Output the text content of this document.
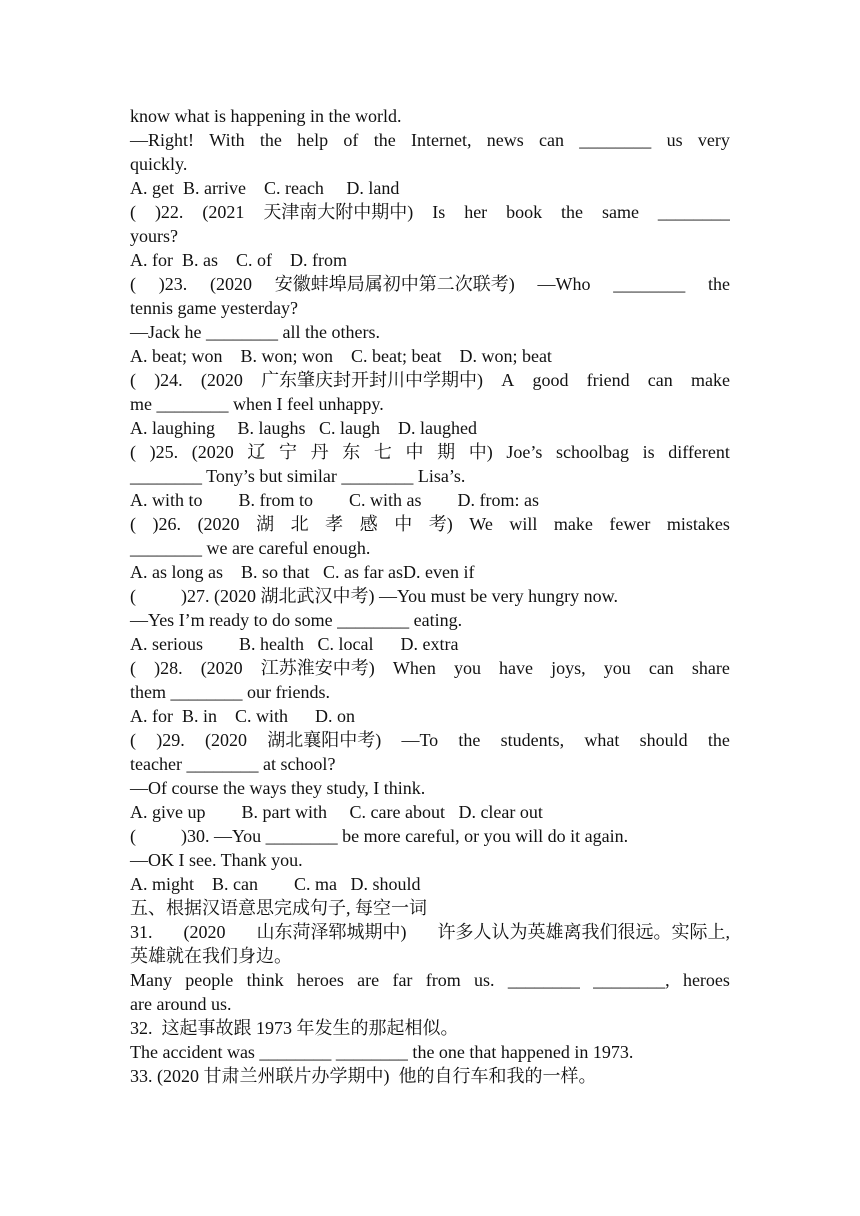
know what is happening in the world.
—Right! With the help of the Internet, news can ________ us very
quickly.
A. get  B. arrive    C. reach     D. land
( )22. (2021 天津南大附中期中) Is her book the same ________
yours?
A. for  B. as    C. of    D. from
( )23. (2020 安徽蚌埠局属初中第二次联考) —Who ________ the
tennis game yesterday?
—Jack he ________ all the others.
A. beat; won    B. won; won    C. beat; beat    D. won; beat
( )24. (2020 广东肇庆封开封川中学期中) A good friend can make
me ________ when I feel unhappy.
A. laughing     B. laughs   C. laugh    D. laughed
( )25. (2020 辽 宁 丹 东 七 中 期 中) Joe’s schoolbag is different
________ Tony’s but similar ________ Lisa’s.
A. with to        B. from to        C. with as        D. from: as
( )26. (2020 湖 北 孝 感 中 考) We will make fewer mistakes
________ we are careful enough.
A. as long as    B. so that   C. as far asD. even if
(          )27. (2020 湖北武汉中考) —You must be very hungry now.
—Yes I’m ready to do some ________ eating.
A. serious        B. health   C. local      D. extra
( )28. (2020 江苏淮安中考) When you have joys, you can share
them ________ our friends.
A. for  B. in    C. with      D. on
( )29. (2020 湖北襄阳中考) —To the students, what should the
teacher ________ at school?
—Of course the ways they study, I think.
A. give up        B. part with     C. care about   D. clear out
(          )30. —You ________ be more careful, or you will do it again.
—OK I see. Thank you.
A. might    B. can        C. ma   D. should
五、根据汉语意思完成句子, 每空一词
31. (2020 山东菏泽郓城期中) 许多人认为英雄离我们很远。实际上,
英雄就在我们身边。
Many people think heroes are far from us. ________ ________, heroes
are around us.
32.  这起事故跟 1973 年发生的那起相似。
The accident was ________ ________ the one that happened in 1973.
33. (2020 甘肃兰州联片办学期中)  他的自行车和我的一样。
